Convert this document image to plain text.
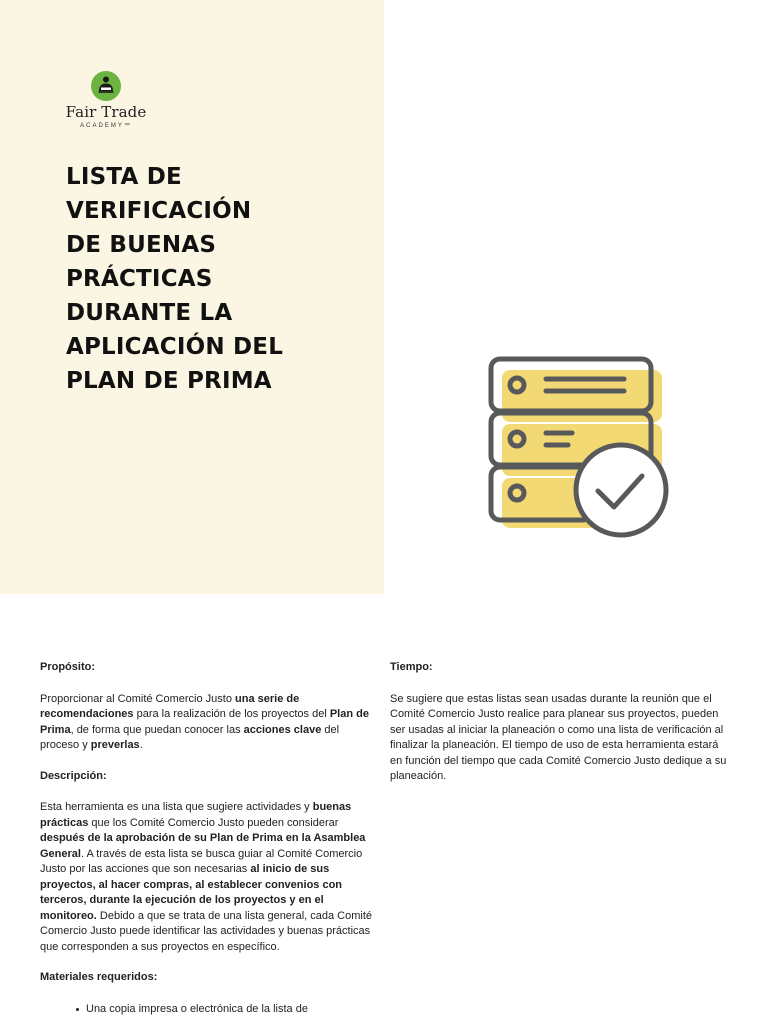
Fair Trade
ACADEMY™
LISTA DE
VERIFICACIÓN
DE BUENAS
PRÁCTICAS
DURANTE LA
APLICACIÓN DEL
PLAN DE PRIMA

Propósito:

Proporcionar al Comité Comercio Justo una serie de recomendaciones para la realización de los proyectos del Plan de Prima, de forma que puedan conocer las acciones clave del proceso y preverlas.

Descripción:

Esta herramienta es una lista que sugiere actividades y buenas prácticas que los Comité Comercio Justo pueden considerar después de la aprobación de su Plan de Prima en la Asamblea General. A través de esta lista se busca guiar al Comité Comercio Justo por las acciones que son necesarias al inicio de sus proyectos, al hacer compras, al establecer convenios con terceros, durante la ejecución de los proyectos y en el monitoreo. Debido a que se trata de una lista general, cada Comité Comercio Justo puede identificar las actividades y buenas prácticas que corresponden a sus proyectos en específico.

Materiales requeridos:

Una copia impresa o electrónica de la lista de

Tiempo:

Se sugiere que estas listas sean usadas durante la reunión que el Comité Comercio Justo realice para planear sus proyectos, pueden ser usadas al iniciar la planeación o como una lista de verificación al finalizar la planeación. El tiempo de uso de esta herramienta estará en función del tiempo que cada Comité Comercio Justo dedique a su planeación.
